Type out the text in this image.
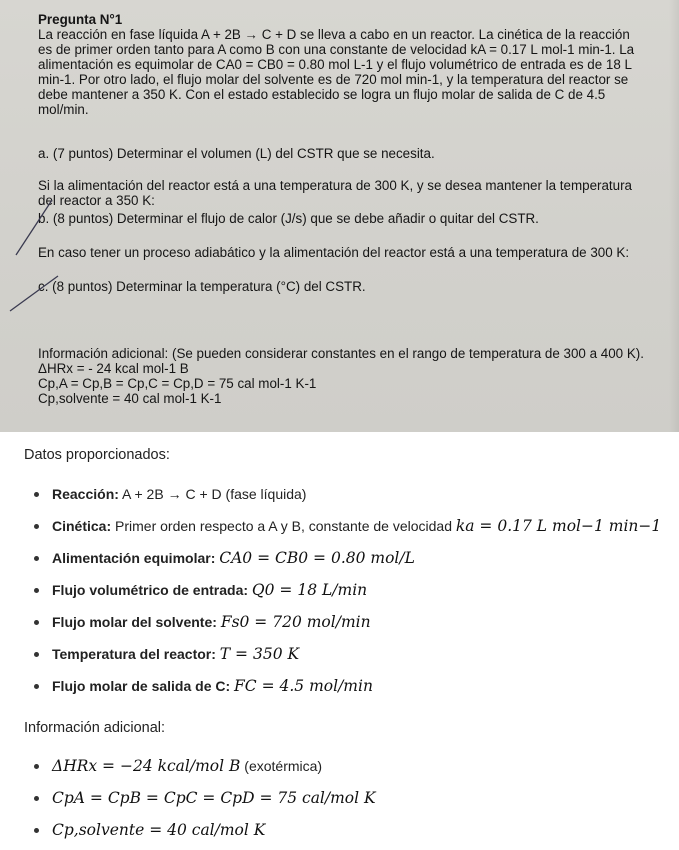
Pregunta N°1

La reacción en fase líquida A + 2B → C + D se lleva a cabo en un reactor. La cinética de la reacción es de primer orden tanto para A como B con una constante de velocidad kA = 0.17 L mol-1 min-1. La alimentación es equimolar de CA0 = CB0 = 0.80 mol L-1 y el flujo volumétrico de entrada es de 18 L min-1. Por otro lado, el flujo molar del solvente es de 720 mol min-1, y la temperatura del reactor se debe mantener a 350 K. Con el estado establecido se logra un flujo molar de salida de C de 4.5 mol/min.

a. (7 puntos) Determinar el volumen (L) del CSTR que se necesita.

Si la alimentación del reactor está a una temperatura de 300 K, y se desea mantener la temperatura del reactor a 350 K:

b. (8 puntos) Determinar el flujo de calor (J/s) que se debe añadir o quitar del CSTR.

En caso tener un proceso adiabático y la alimentación del reactor está a una temperatura de 300 K:

c. (8 puntos) Determinar la temperatura (°C) del CSTR.

Información adicional: (Se pueden considerar constantes en el rango de temperatura de 300 a 400 K).

ΔHRx = - 24 kcal mol-1 B

Cp,A = Cp,B = Cp,C = Cp,D = 75 cal mol-1 K-1

Cp,solvente = 40 cal mol-1 K-1

Datos proporcionados:
Reacción: A + 2B → C + D (fase líquida)
Cinética: Primer orden respecto a A y B, constante de velocidad ka = 0.17 L mol−1 min−1
Alimentación equimolar: CA0 = CB0 = 0.80 mol/L
Flujo volumétrico de entrada: Q0 = 18 L/min
Flujo molar del solvente: Fs0 = 720 mol/min
Temperatura del reactor: T = 350 K
Flujo molar de salida de C: FC = 4.5 mol/min
Información adicional:
ΔHRx = −24 kcal/mol B (exotérmica)
CpA = CpB = CpC = CpD = 75 cal/mol K
Cp,solvente = 40 cal/mol K
